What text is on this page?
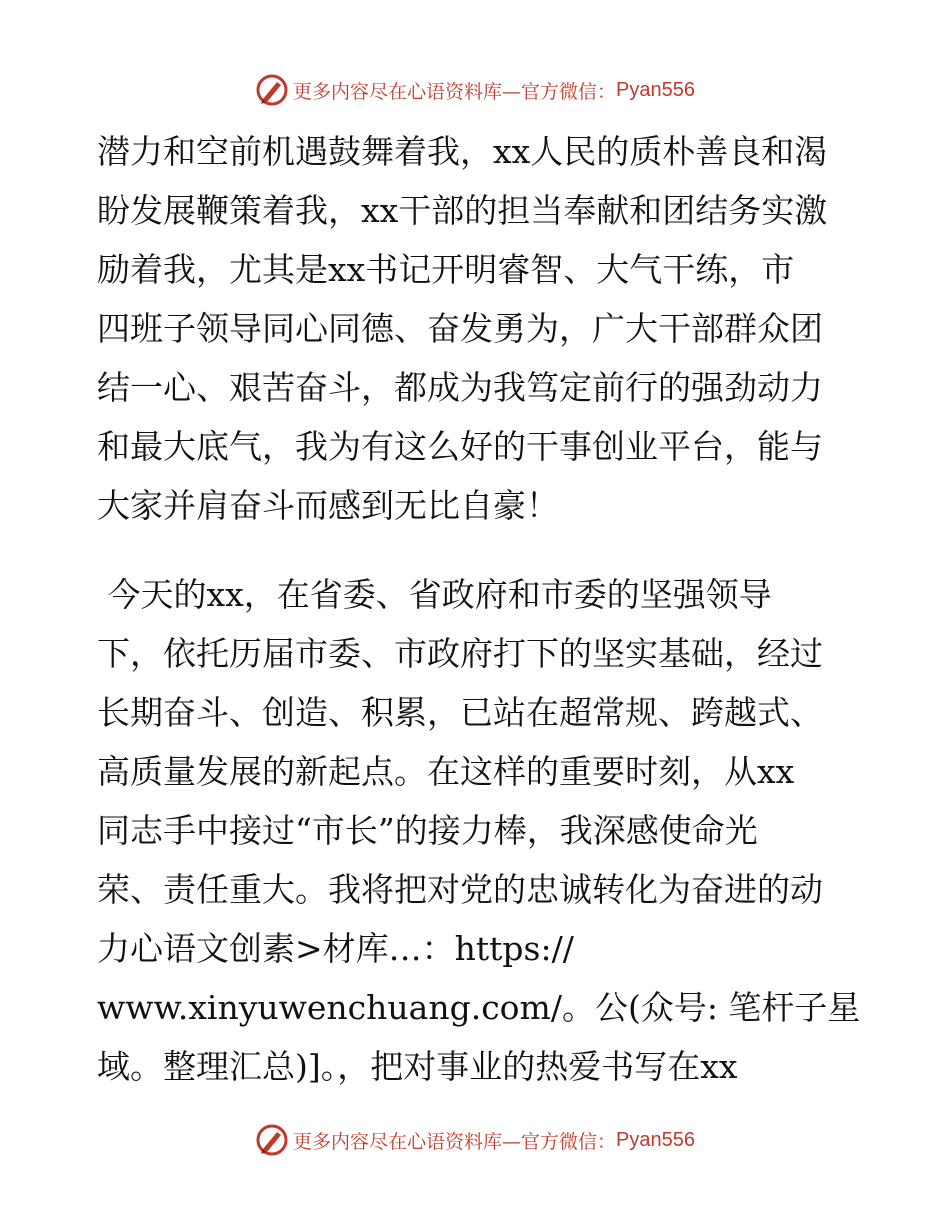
更多内容尽在心语资料库—官方微信： Pyan556
潜力和空前机遇鼓舞着我，xx人民的质朴善良和渴
盼发展鞭策着我，xx干部的担当奉献和团结务实激
励着我，尤其是xx书记开明睿智、大气干练，市
四班子领导同心同德、奋发勇为，广大干部群众团
结一心、艰苦奋斗，都成为我笃定前行的强劲动力
和最大底气，我为有这么好的干事创业平台，能与
大家并肩奋斗而感到无比自豪！
今天的xx，在省委、省政府和市委的坚强领导
下，依托历届市委、市政府打下的坚实基础，经过
长期奋斗、创造、积累，已站在超常规、跨越式、
高质量发展的新起点。在这样的重要时刻，从xx
同志手中接过“市长”的接力棒，我深感使命光
荣、责任重大。我将把对党的忠诚转化为奋进的动
力心语文创素>材库…：https://
www.xinyuwenchuang.com/。公(众号: 笔杆子星
域。整理汇总)]。，把对事业的热爱书写在xx
更多内容尽在心语资料库—官方微信： Pyan556
